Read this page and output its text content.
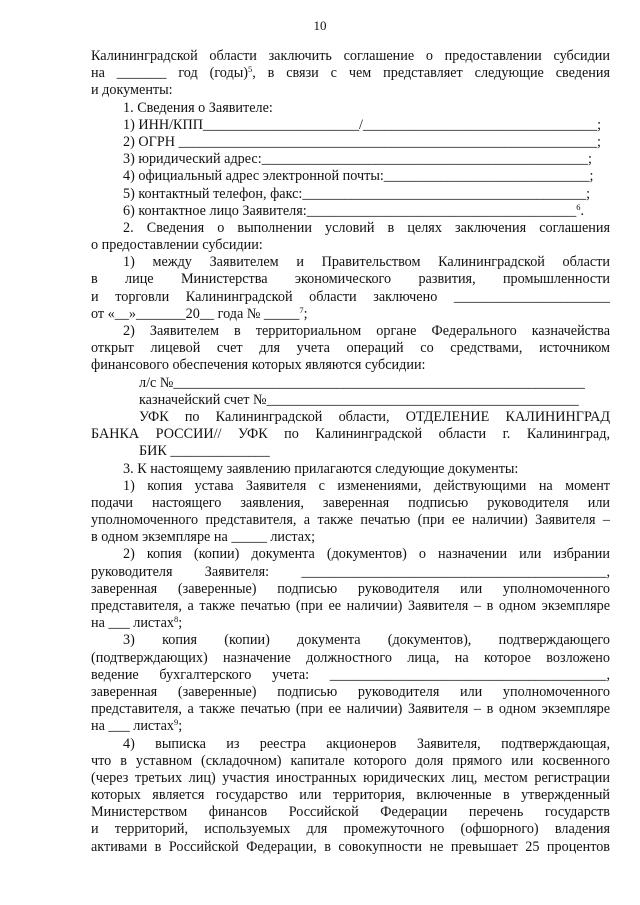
10
Калининградской области заключить соглашение о предоставлении субсидии
на _______ год (годы)$^5$, в связи с чем представляет следующие сведения
и документы:
1. Сведения о Заявителе:
1) ИНН/КПП______________________/_________________________________;
2) ОГРН ___________________________________________________________;
3) юридический адрес:______________________________________________;
4) официальный адрес электронной почты:_____________________________;
5) контактный телефон, факс:________________________________________;
6) контактное лицо Заявителя:______________________________________$^6$.
2. Сведения о выполнении условий в целях заключения соглашения
о предоставлении субсидии:
1) между Заявителем и Правительством Калининградской области
в лице Министерства экономического развития, промышленности
и торговли Калининградской области заключено ______________________
от «__»_______20__ года № _____$^7$;
2) Заявителем в территориальном органе Федерального казначейства
открыт лицевой счет для учета операций со средствами, источником
финансового обеспечения которых являются субсидии:
л/с №__________________________________________________________
казначейский счет №____________________________________________
УФК по Калининградской области, ОТДЕЛЕНИЕ КАЛИНИНГРАД
БАНКА РОССИИ// УФК по Калининградской области г. Калининград,
БИК ______________
3. К настоящему заявлению прилагаются следующие документы:
1) копия устава Заявителя с изменениями, действующими на момент
подачи настоящего заявления, заверенная подписью руководителя или
уполномоченного представителя, а также печатью (при ее наличии) Заявителя –
в одном экземпляре на _____ листах;
2) копия (копии) документа (документов) о назначении или избрании
руководителя Заявителя: ___________________________________________,
заверенная (заверенные) подписью руководителя или уполномоченного
представителя, а также печатью (при ее наличии) Заявителя – в одном экземпляре
на ___ листах$^8$;
3) копия (копии) документа (документов), подтверждающего
(подтверждающих) назначение должностного лица, на которое возложено
ведение бухгалтерского учета: _______________________________________,
заверенная (заверенные) подписью руководителя или уполномоченного
представителя, а также печатью (при ее наличии) Заявителя – в одном экземпляре
на ___ листах$^9$;
4) выписка из реестра акционеров Заявителя, подтверждающая,
что в уставном (складочном) капитале которого доля прямого или косвенного
(через третьих лиц) участия иностранных юридических лиц, местом регистрации
которых является государство или территория, включенные в утвержденный
Министерством финансов Российской Федерации перечень государств
и территорий, используемых для промежуточного (офшорного) владения
активами в Российской Федерации, в совокупности не превышает 25 процентов
